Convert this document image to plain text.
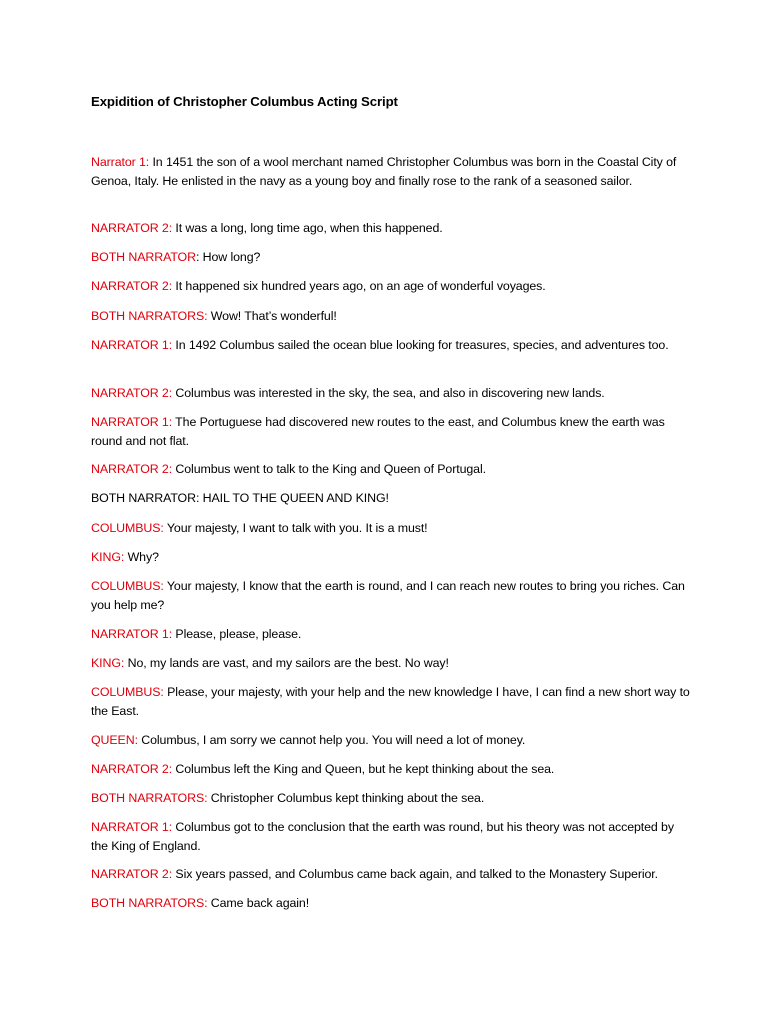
Expidition of Christopher Columbus Acting Script

Narrator 1: In 1451 the son of a wool merchant named Christopher Columbus was born in the Coastal City of Genoa, Italy. He enlisted in the navy as a young boy and finally rose to the rank of a seasoned sailor.

NARRATOR 2: It was a long, long time ago, when this happened.

BOTH NARRATOR: How long?

NARRATOR 2: It happened six hundred years ago, on an age of wonderful voyages.

BOTH NARRATORS: Wow! That’s wonderful!

NARRATOR 1: In 1492 Columbus sailed the ocean blue looking for treasures, species, and adventures too.

NARRATOR 2: Columbus was interested in the sky, the sea, and also in discovering new lands.

NARRATOR 1: The Portuguese had discovered new routes to the east, and Columbus knew the earth was round and not flat.

NARRATOR 2: Columbus went to talk to the King and Queen of Portugal.

BOTH NARRATOR: HAIL TO THE QUEEN AND KING!

COLUMBUS: Your majesty, I want to talk with you. It is a must!

KING: Why?

COLUMBUS: Your majesty, I know that the earth is round, and I can reach new routes to bring you riches. Can you help me?

NARRATOR 1: Please, please, please.

KING: No, my lands are vast, and my sailors are the best. No way!

COLUMBUS: Please, your majesty, with your help and the new knowledge I have, I can find a new short way to the East.

QUEEN: Columbus, I am sorry we cannot help you. You will need a lot of money.

NARRATOR 2: Columbus left the King and Queen, but he kept thinking about the sea.

BOTH NARRATORS: Christopher Columbus kept thinking about the sea.

NARRATOR 1: Columbus got to the conclusion that the earth was round, but his theory was not accepted by the King of England.

NARRATOR 2: Six years passed, and Columbus came back again, and talked to the Monastery Superior.

BOTH NARRATORS: Came back again!
